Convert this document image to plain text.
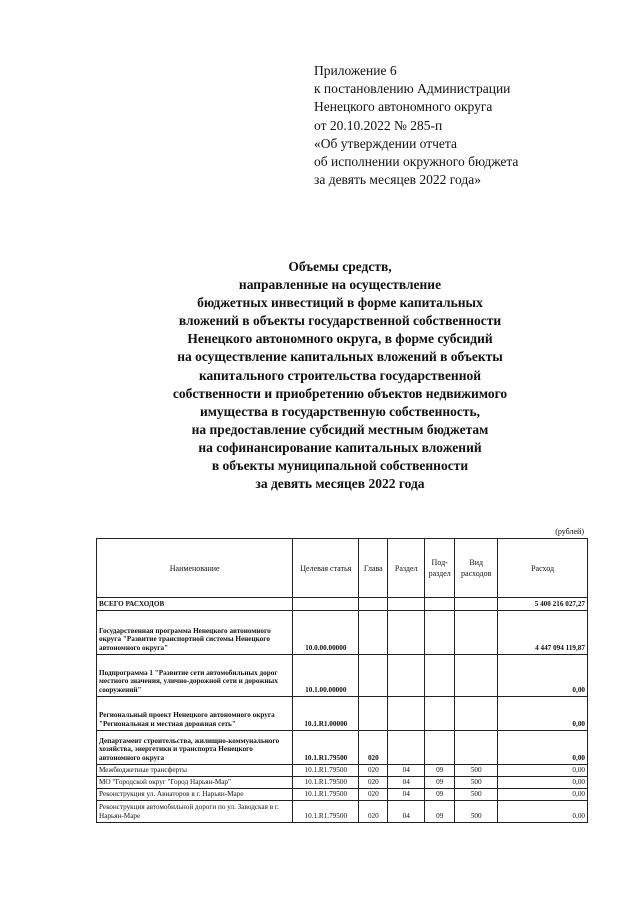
Приложение 6
к постановлению Администрации
Ненецкого автономного округа
от 20.10.2022 № 285-п
«Об утверждении отчета
об исполнении окружного бюджета
за девять месяцев 2022 года»
Объемы средств,
направленные на осуществление
бюджетных инвестиций в форме капитальных
вложений в объекты государственной собственности
Ненецкого автономного округа, в форме субсидий
на осуществление капитальных вложений в объекты
капитального строительства государственной
собственности и приобретению объектов недвижимого
имущества в государственную собственность,
на предоставление субсидий местным бюджетам
на софинансирование капитальных вложений
в объекты муниципальной собственности
за девять месяцев 2022 года
(рублей)
Наименование	Целевая статья	Глава	Раздел	Под-раздел	Вид расходов	Расход
ВСЕГО РАСХОДОВ						5 400 216 027,27
Государственная программа Ненецкого автономного округа "Развитие транспортной системы Ненецкого автономного округа"	10.0.00.00000					4 447 094 119,87
Подпрограмма 1 "Развитие сети автомобильных дорог местного значения, улично-дорожной сети и дорожных сооружений"	10.1.00.00000					0,00
Региональный проект Ненецкого автономного округа "Региональная и местная дорожная сеть"	10.1.R1.00000					0,00
Департамент строительства, жилищно-коммунального хозяйства, энергетики и транспорта Ненецкого автономного округа	10.1.R1.79500	020				0,00
Межбюджетные трансферты	10.1.R1.79500	020	04	09	500	0,00
МО "Городской округ "Город Нарьян-Мар"	10.1.R1.79500	020	04	09	500	0,00
Реконструкция ул. Авиаторов в г. Нарьян-Маре	10.1.R1.79500	020	04	09	500	0,00
Реконструкция автомобильной дороги по ул. Заводская в г. Нарьян-Маре	10.1.R1.79500	020	04	09	500	0,00
